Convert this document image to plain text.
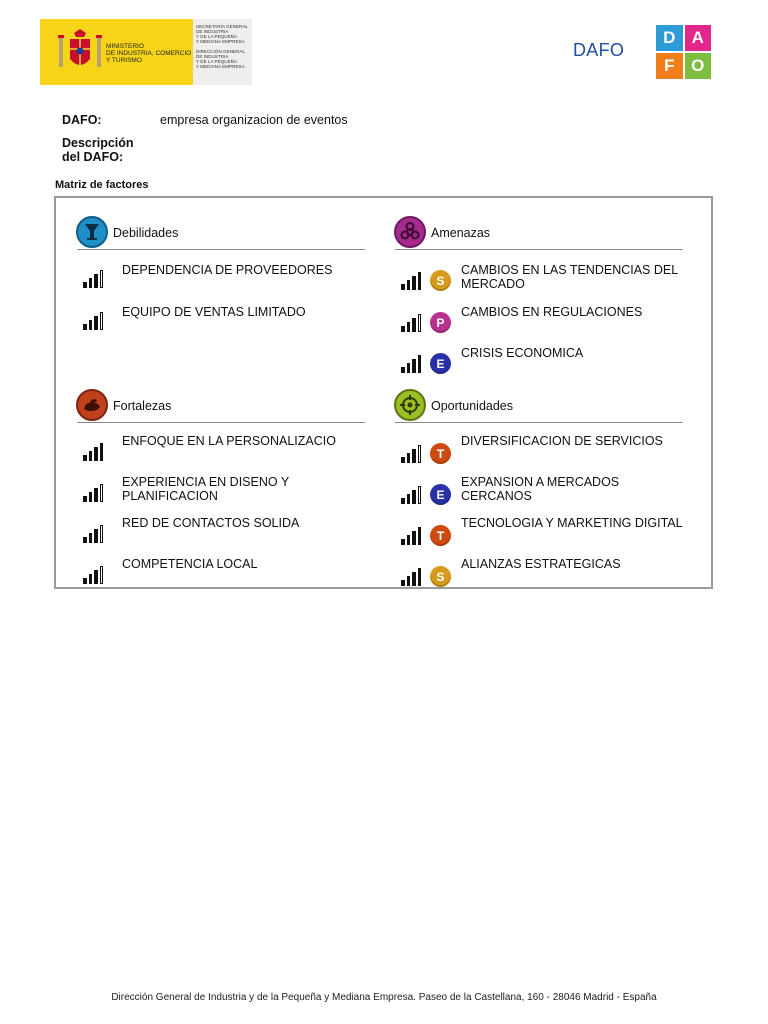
MINISTERIO
DE INDUSTRIA, COMERCIO
Y TURISMO

SECRETARÍA GENERAL
DE INDUSTRIA
Y DE LA PEQUEÑA
Y MEDIANA EMPRESA

DIRECCIÓN GENERAL
DE INDUSTRIA
Y DE LA PEQUEÑA
Y MEDIANA EMPRESA

DAFO
D A
F O
DAFO:	empresa organizacion de eventos
Descripción
del DAFO:
Matriz de factores
Debilidades
DEPENDENCIA DE PROVEEDORES
EQUIPO DE VENTAS LIMITADO
Amenazas
S
CAMBIOS EN LAS TENDENCIAS DEL MERCADO
P
CAMBIOS EN REGULACIONES
E
CRISIS ECONOMICA
Fortalezas
ENFOQUE EN LA PERSONALIZACIO
EXPERIENCIA EN DISENO Y PLANIFICACION
RED DE CONTACTOS SOLIDA
COMPETENCIA LOCAL
Oportunidades
T
DIVERSIFICACION DE SERVICIOS
E
EXPANSION A MERCADOS CERCANOS
T
TECNOLOGIA Y MARKETING DIGITAL
S
ALIANZAS ESTRATEGICAS
Dirección General de Industria y de la Pequeña y Mediana Empresa. Paseo de la Castellana, 160 - 28046 Madrid - España
